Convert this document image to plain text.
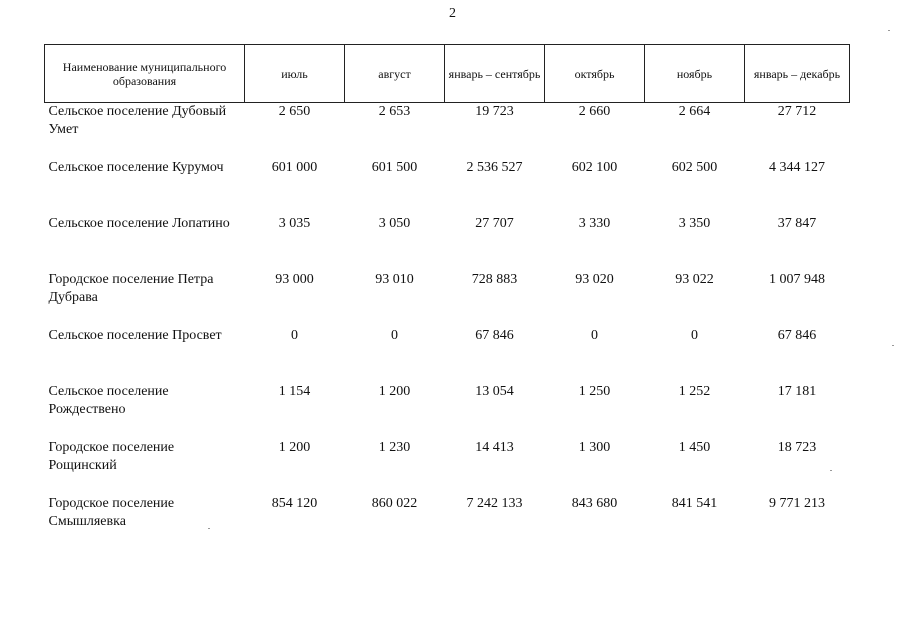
2
Наименование муниципального образования	июль	август	январь – сентябрь	октябрь	ноябрь	январь – декабрь
Сельское поселение Дубовый Умет	2 650	2 653	19 723	2 660	2 664	27 712
Сельское поселение Курумоч	601 000	601 500	2 536 527	602 100	602 500	4 344 127
Сельское поселение Лопатино	3 035	3 050	27 707	3 330	3 350	37 847
Городское поселение Петра Дубрава	93 000	93 010	728 883	93 020	93 022	1 007 948
Сельское поселение Просвет	0	0	67 846	0	0	67 846
Сельское поселение Рождествено	1 154	1 200	13 054	1 250	1 252	17 181
Городское поселение Рощинский	1 200	1 230	14 413	1 300	1 450	18 723
Городское поселение Смышляевка	854 120	860 022	7 242 133	843 680	841 541	9 771 213
